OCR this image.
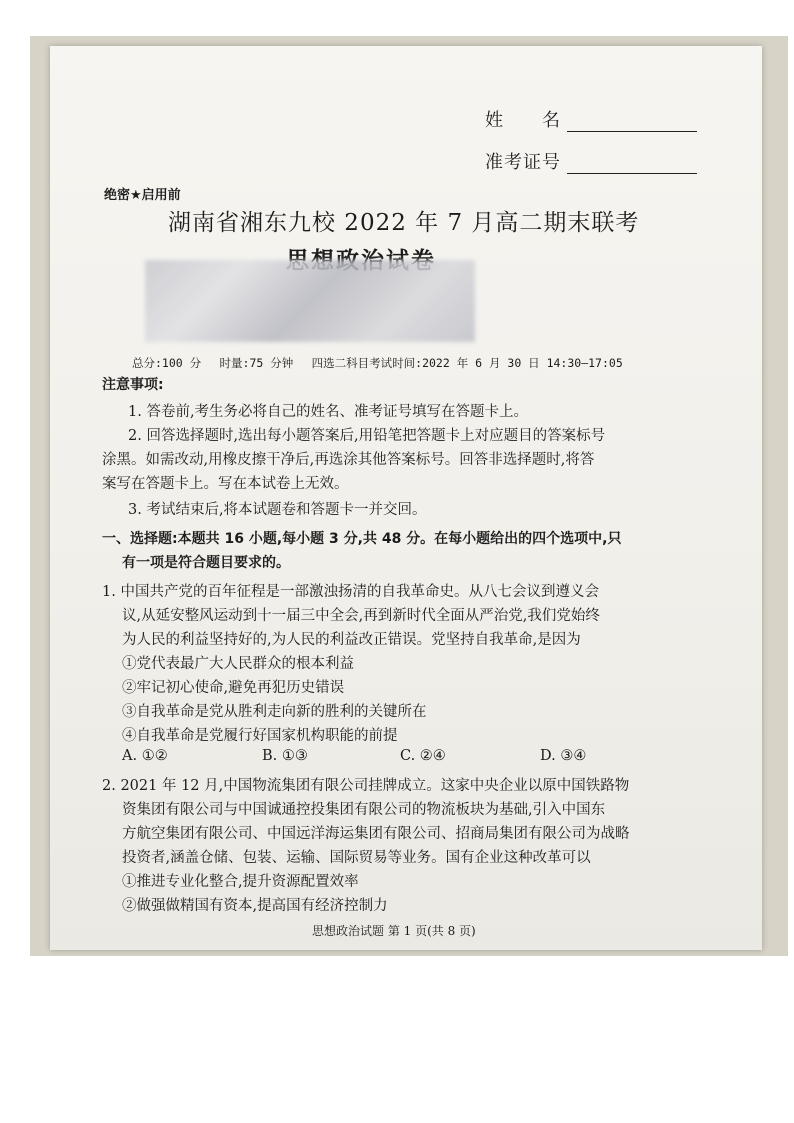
姓　　名
准考证号
绝密★启用前
湖南省湘东九校 2022 年 7 月高二期末联考
总分:100 分　 时量:75 分钟　 四选二科目考试时间:2022 年 6 月 30 日 14:30—17:05
注意事项:
1. 答卷前,考生务必将自己的姓名、准考证号填写在答题卡上。
2. 回答选择题时,选出每小题答案后,用铅笔把答题卡上对应题目的答案标号
涂黑。如需改动,用橡皮擦干净后,再选涂其他答案标号。回答非选择题时,将答
案写在答题卡上。写在本试卷上无效。
3. 考试结束后,将本试题卷和答题卡一并交回。
一、选择题:本题共 16 小题,每小题 3 分,共 48 分。在每小题给出的四个选项中,只
有一项是符合题目要求的。
1. 中国共产党的百年征程是一部激浊扬清的自我革命史。从八七会议到遵义会
议,从延安整风运动到十一届三中全会,再到新时代全面从严治党,我们党始终
为人民的利益坚持好的,为人民的利益改正错误。党坚持自我革命,是因为
①党代表最广大人民群众的根本利益
②牢记初心使命,避免再犯历史错误
③自我革命是党从胜利走向新的胜利的关键所在
④自我革命是党履行好国家机构职能的前提
A. ①②	B. ①③	C. ②④	D. ③④
2. 2021 年 12 月,中国物流集团有限公司挂牌成立。这家中央企业以原中国铁路物
资集团有限公司与中国诚通控投集团有限公司的物流板块为基础,引入中国东
方航空集团有限公司、中国远洋海运集团有限公司、招商局集团有限公司为战略
投资者,涵盖仓储、包装、运输、国际贸易等业务。国有企业这种改革可以
①推进专业化整合,提升资源配置效率
②做强做精国有资本,提高国有经济控制力
思想政治试题 第 1 页(共 8 页)
